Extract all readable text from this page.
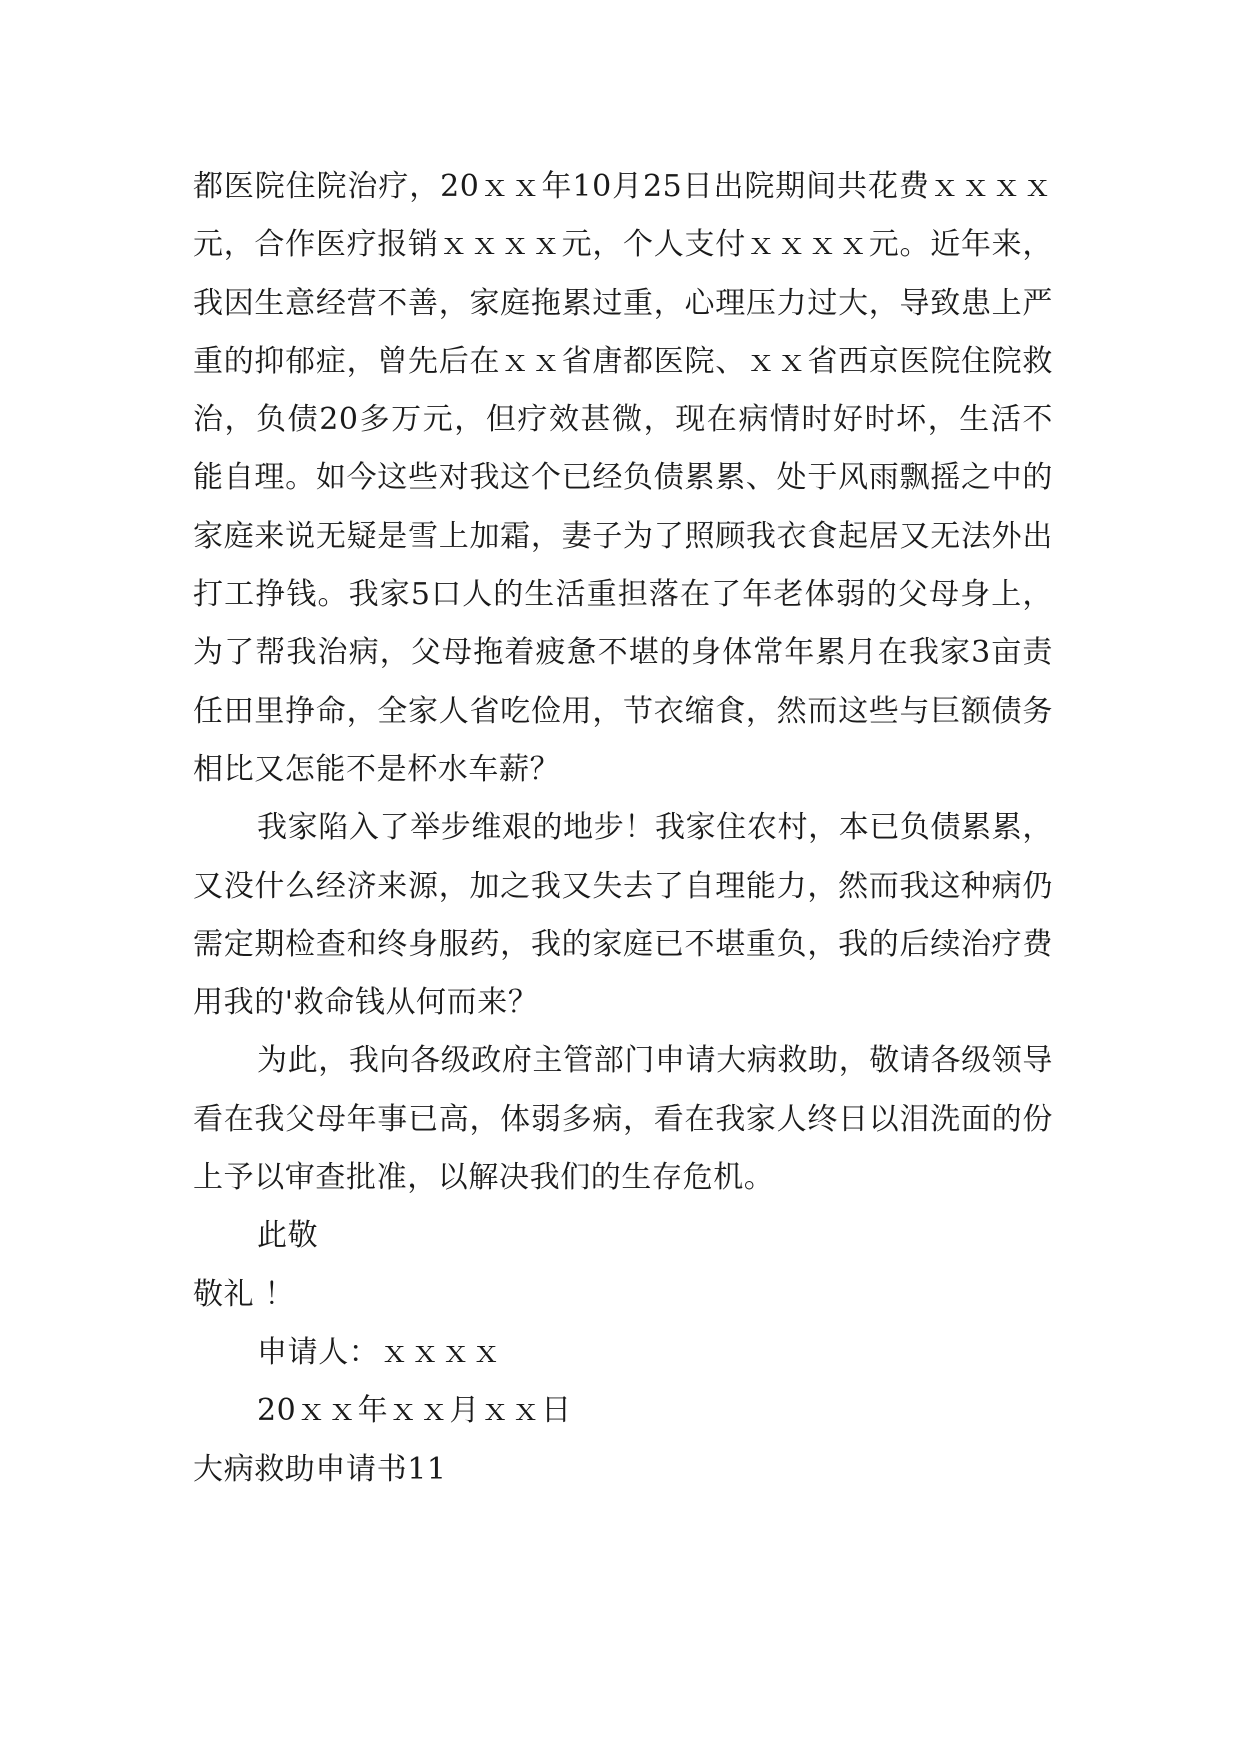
都医院住院治疗，20ｘｘ年10月25日出院期间共花费ｘｘｘｘ元，合作医疗报销ｘｘｘｘ元，个人支付ｘｘｘｘ元。近年来，我因生意经营不善，家庭拖累过重，心理压力过大，导致患上严重的抑郁症，曾先后在ｘｘ省唐都医院、ｘｘ省西京医院住院救治，负债20多万元，但疗效甚微，现在病情时好时坏，生活不能自理。如今这些对我这个已经负债累累、处于风雨飘摇之中的家庭来说无疑是雪上加霜，妻子为了照顾我衣食起居又无法外出打工挣钱。我家5口人的生活重担落在了年老体弱的父母身上，为了帮我治病，父母拖着疲惫不堪的身体常年累月在我家3亩责任田里挣命，全家人省吃俭用，节衣缩食，然而这些与巨额债务相比又怎能不是杯水车薪？

我家陷入了举步维艰的地步！我家住农村，本已负债累累，又没什么经济来源，加之我又失去了自理能力，然而我这种病仍需定期检查和终身服药，我的家庭已不堪重负，我的后续治疗费用我的'救命钱从何而来？

为此，我向各级政府主管部门申请大病救助，敬请各级领导看在我父母年事已高，体弱多病，看在我家人终日以泪洗面的份上予以审查批准，以解决我们的生存危机。

此敬

敬礼 ！

申请人：ｘｘｘｘ

20ｘｘ年ｘｘ月ｘｘ日

大病救助申请书11
